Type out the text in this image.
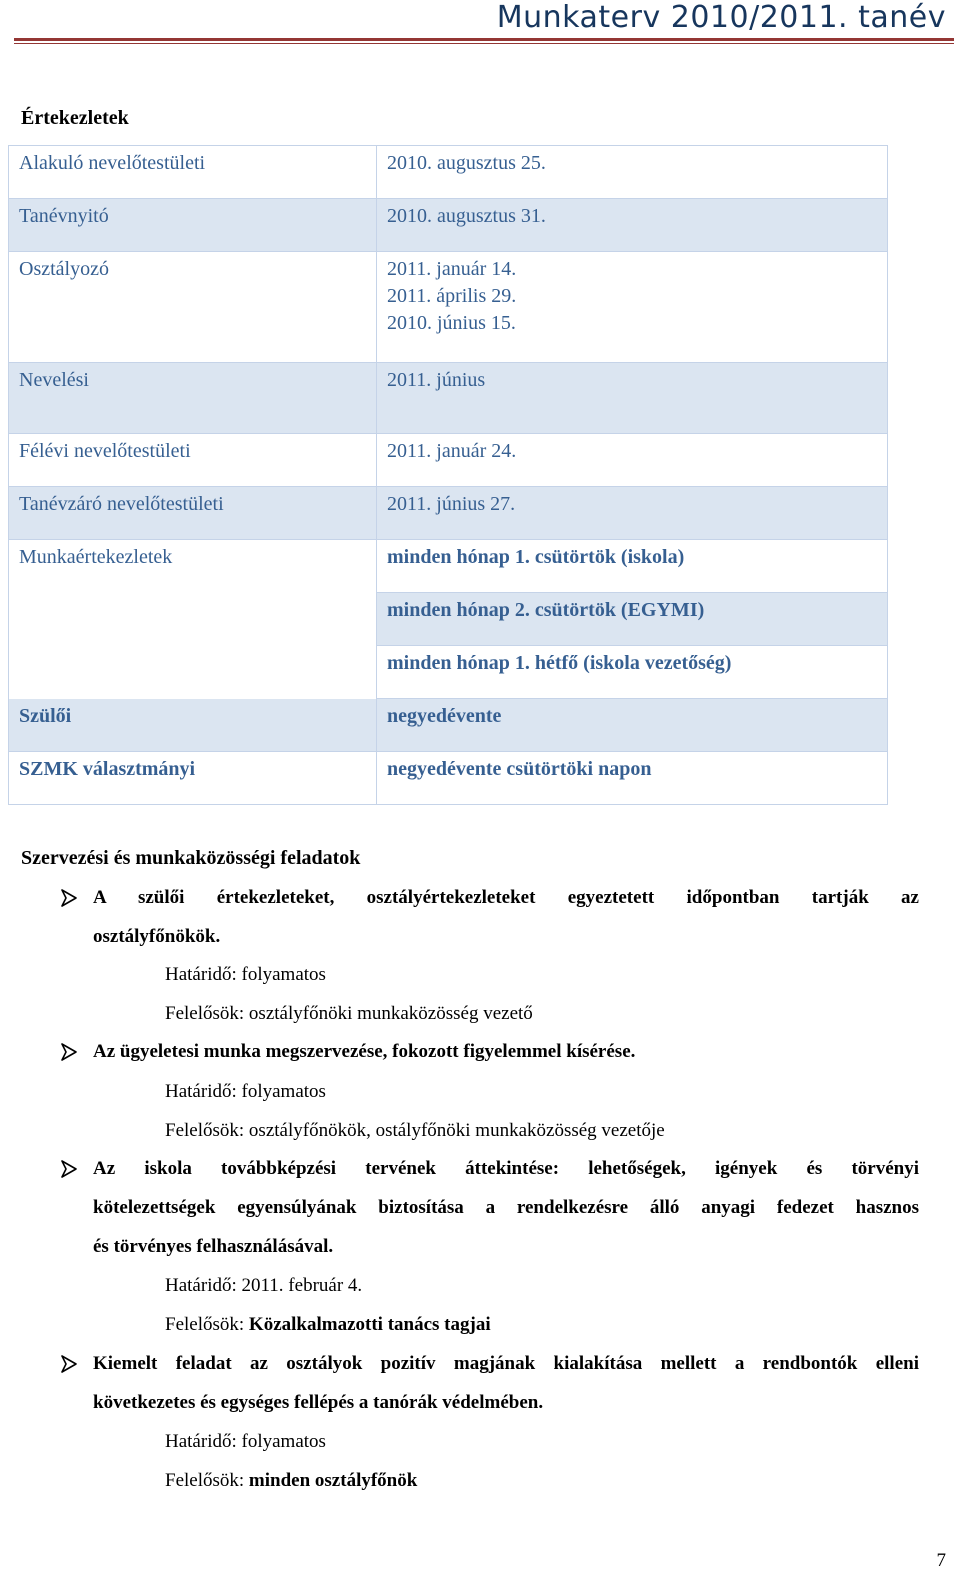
Munkaterv 2010/2011. tanév
Értekezletek
Alakuló nevelőtestületi	2010. augusztus 25.
Tanévnyitó	2010. augusztus 31.
Osztályozó	2011. január 14.
2011. április 29.
2010. június 15.

Nevelési	2011. június
Félévi nevelőtestületi	2011. január 24.
Tanévzáró nevelőtestületi	2011. június 27.
Munkaértekezletek	minden hónap 1. csütörtök (iskola)
	minden hónap 2. csütörtök (EGYMI)
	minden hónap 1. hétfő (iskola vezetőség)
Szülői	negyedévente
SZMK választmányi	negyedévente csütörtöki napon
Szervezési és munkaközösségi feladatok
A szülői értekezleteket, osztályértekezleteket egyeztetett időpontban tartják az
osztályfőnökök.
Határidő: folyamatos
Felelősök: osztályfőnöki munkaközösség vezető
Az ügyeletesi munka megszervezése, fokozott figyelemmel kísérése.
Határidő: folyamatos
Felelősök: osztályfőnökök, ostályfőnöki munkaközösség vezetője
Az iskola továbbképzési tervének áttekintése: lehetőségek, igények és törvényi
kötelezettségek egyensúlyának biztosítása a rendelkezésre álló anyagi fedezet hasznos
és törvényes felhasználásával.
Határidő: 2011. február 4.
Felelősök: Közalkalmazotti tanács tagjai
Kiemelt feladat az osztályok pozitív magjának kialakítása mellett a rendbontók elleni
következetes és egységes fellépés a tanórák védelmében.
Határidő: folyamatos
Felelősök: minden osztályfőnök
7
